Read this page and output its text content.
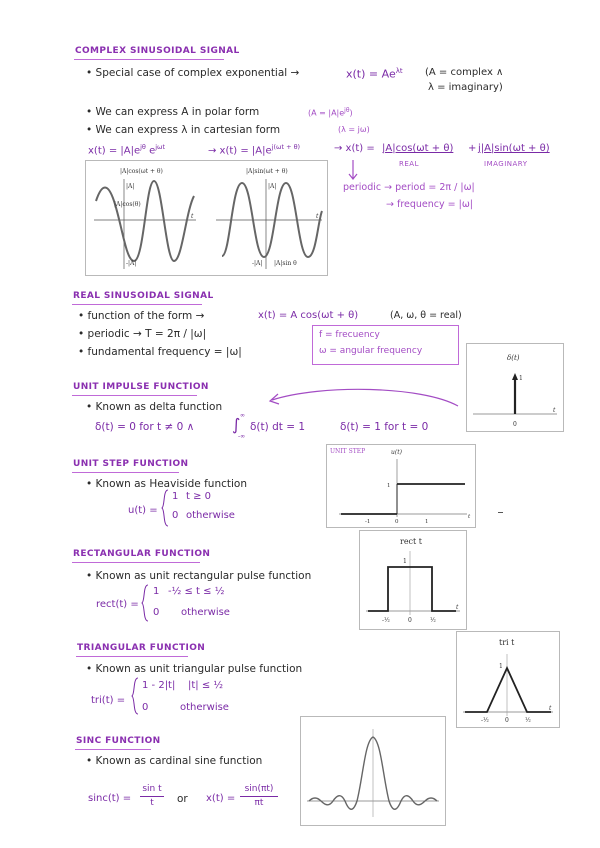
COMPLEX SINUSOIDAL SIGNAL
• Special case of complex exponential →	$x(t) = Ae^{\lambda t}$ (A = complex ∧
λ = imaginary)
• We can express A in polar form	$(A = |A|e^{j\theta})$
• We can express λ in cartesian form	(λ = jω)
$x(t) = |A|e^{j\theta}$ $e^{j\omega t}$	→ $x(t) = |A|e^{j(\omega t + \theta)}$	→ x(t) = |A|cos(ωt + θ) + j|A|sin(ωt + θ)
REAL	IMAGINARY
periodic → period = 2π / |ω|
→ frequency = |ω|
|A|cos(ωt + θ)
|A|
|A|cos(θ)
-|A|
t
|A|sin(ωt + θ)
|A|
-|A| |A|sin θ
t
REAL SINUSOIDAL SIGNAL
• function of the form →	x(t) = A cos(ωt + θ)	(A, ω, θ = real)
• periodic → T = 2π / |ω|
• fundamental frequency = |ω|
f = frecuency
ω = angular frequency
δ(t)
1
0
t
UNIT IMPULSE FUNCTION
• Known as delta function
δ(t) = 0 for t ≠ 0 ∧ ∫ ∞
-∞
δ(t) dt = 1	δ(t) = 1 for t = 0
UNIT STEP FUNCTION
• Known as Heaviside function
u(t) =
1 t ≥ 0
0 otherwise
UNIT STEP	u(t)
1
-1	0	1
t
RECTANGULAR FUNCTION
• Known as unit rectangular pulse function
rect(t) =
1 -½ ≤ t ≤ ½
0 otherwise
rect t
1
-½	0	½
t
TRIANGULAR FUNCTION
• Known as unit triangular pulse function
tri(t) =
1 - 2|t| |t| ≤ ½
0	otherwise
tri t
1
-½	0	½
t
SINC FUNCTION
• Known as cardinal sine function
sinc(t) =
sin t
t	or x(t) =
sin(πt)
πt
